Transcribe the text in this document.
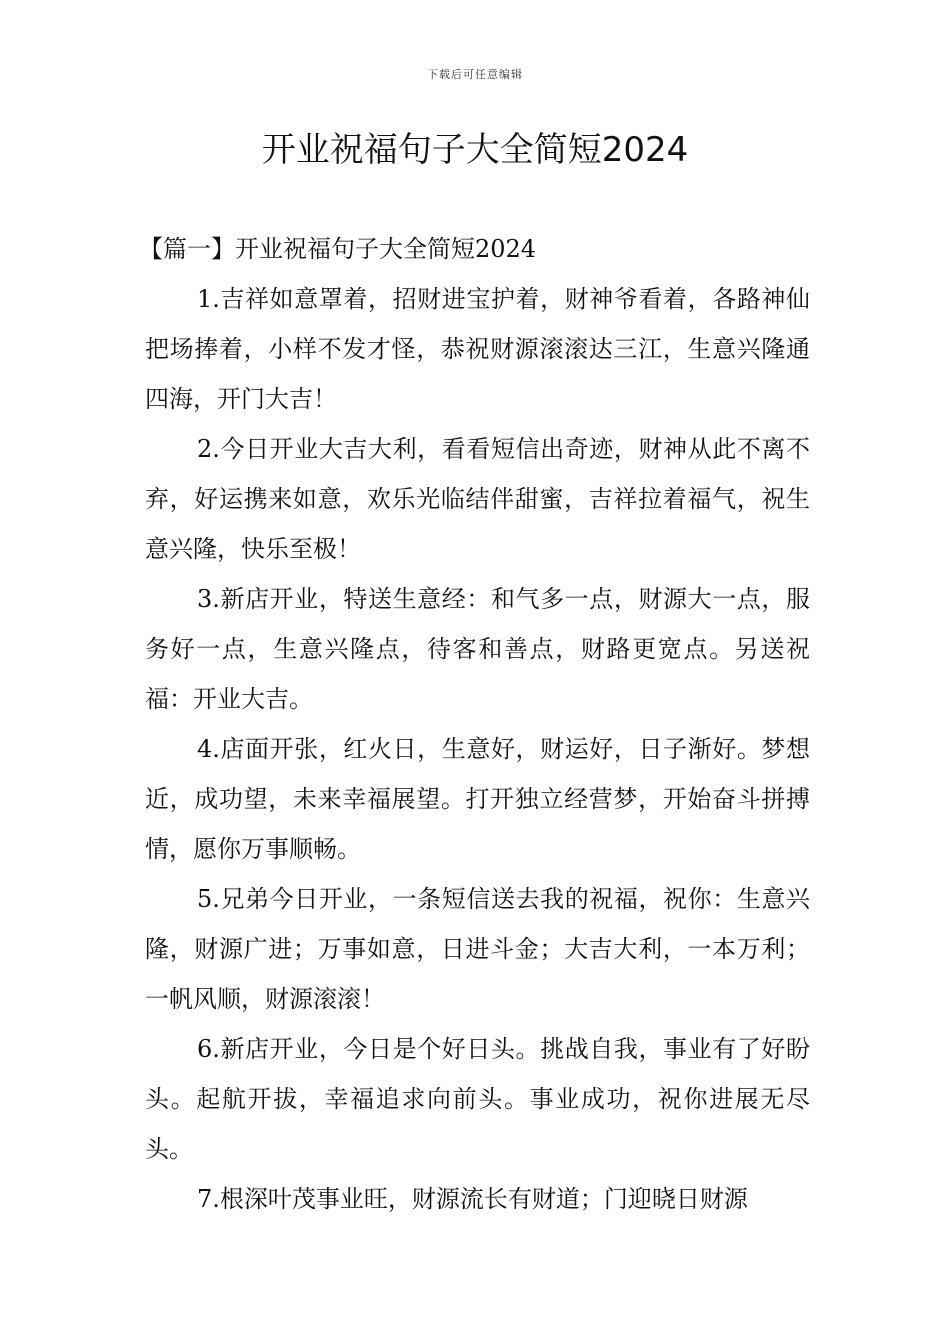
下载后可任意编辑
开业祝福句子大全简短2024

【篇一】开业祝福句子大全简短2024

1.吉祥如意罩着，招财进宝护着，财神爷看着，各路神仙把场捧着，小样不发才怪，恭祝财源滚滚达三江，生意兴隆通四海，开门大吉！

2.今日开业大吉大利，看看短信出奇迹，财神从此不离不弃，好运携来如意，欢乐光临结伴甜蜜，吉祥拉着福气，祝生意兴隆，快乐至极！

3.新店开业，特送生意经：和气多一点，财源大一点，服务好一点，生意兴隆点，待客和善点，财路更宽点。另送祝福：开业大吉。

4.店面开张，红火日，生意好，财运好，日子渐好。梦想近，成功望，未来幸福展望。打开独立经营梦，开始奋斗拼搏情，愿你万事顺畅。

5.兄弟今日开业，一条短信送去我的祝福，祝你：生意兴隆，财源广进；万事如意，日进斗金；大吉大利，一本万利；一帆风顺，财源滚滚！

6.新店开业，今日是个好日头。挑战自我，事业有了好盼头。起航开拔，幸福追求向前头。事业成功，祝你进展无尽头。

7.根深叶茂事业旺，财源流长有财道；门迎晓日财源
